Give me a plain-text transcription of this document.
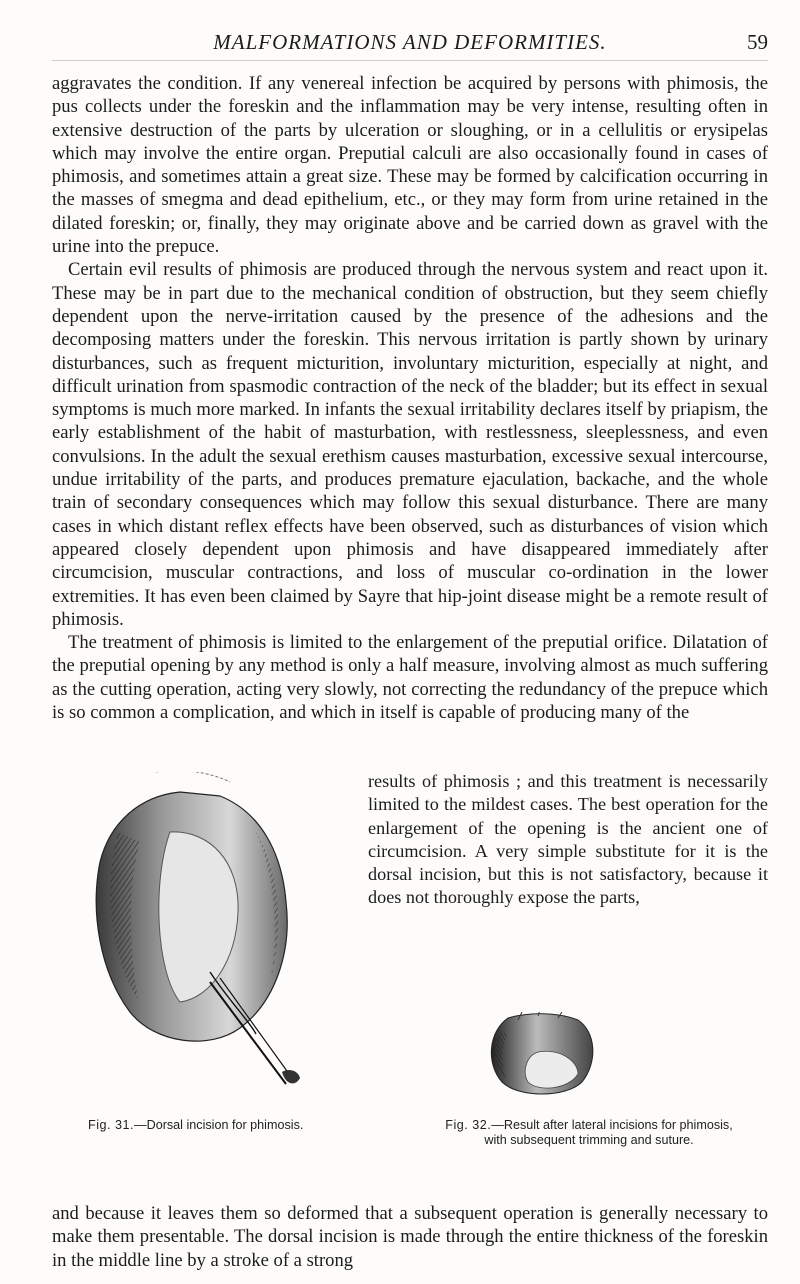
MALFORMATIONS AND DEFORMITIES.	59

aggravates the condition. If any venereal infection be acquired by persons with phimosis, the pus collects under the foreskin and the inflammation may be very intense, resulting often in extensive destruction of the parts by ulceration or sloughing, or in a cellulitis or erysipelas which may involve the entire organ. Preputial calculi are also occasionally found in cases of phimosis, and sometimes attain a great size. These may be formed by calcification occurring in the masses of smegma and dead epithelium, etc., or they may form from urine retained in the dilated foreskin; or, finally, they may originate above and be carried down as gravel with the urine into the prepuce.

Certain evil results of phimosis are produced through the nervous system and react upon it. These may be in part due to the mechanical condition of obstruction, but they seem chiefly dependent upon the nerve-irritation caused by the presence of the adhesions and the decomposing matters under the foreskin. This nervous irritation is partly shown by urinary disturbances, such as frequent micturition, involuntary micturition, especially at night, and difficult urination from spasmodic contraction of the neck of the bladder; but its effect in sexual symptoms is much more marked. In infants the sexual irritability declares itself by priapism, the early establishment of the habit of masturbation, with restlessness, sleeplessness, and even convulsions. In the adult the sexual erethism causes masturbation, excessive sexual intercourse, undue irritability of the parts, and produces premature ejaculation, backache, and the whole train of secondary consequences which may follow this sexual disturbance. There are many cases in which distant reflex effects have been observed, such as disturbances of vision which appeared closely dependent upon phimosis and have disappeared immediately after circumcision, muscular contractions, and loss of muscular co-ordination in the lower extremities. It has even been claimed by Sayre that hip-joint disease might be a remote result of phimosis.

The treatment of phimosis is limited to the enlargement of the preputial orifice. Dilatation of the preputial opening by any method is only a half measure, involving almost as much suffering as the cutting operation, acting very slowly, not correcting the redundancy of the prepuce which is so common a complication, and which in itself is capable of producing many of the

results of phimosis ; and this treatment is necessarily limited to the mildest cases. The best operation for the enlargement of the opening is the ancient one of circumcision. A very simple substitute for it is the dorsal incision, but this is not satisfactory, because it does not thoroughly expose the parts,

Fig. 31.—Dorsal incision for phimosis.	Fig. 32.—Result after lateral incisions for phimosis,
with subsequent trimming and suture.

and because it leaves them so deformed that a subsequent operation is generally necessary to make them presentable. The dorsal incision is made through the entire thickness of the foreskin in the middle line by a stroke of a strong
